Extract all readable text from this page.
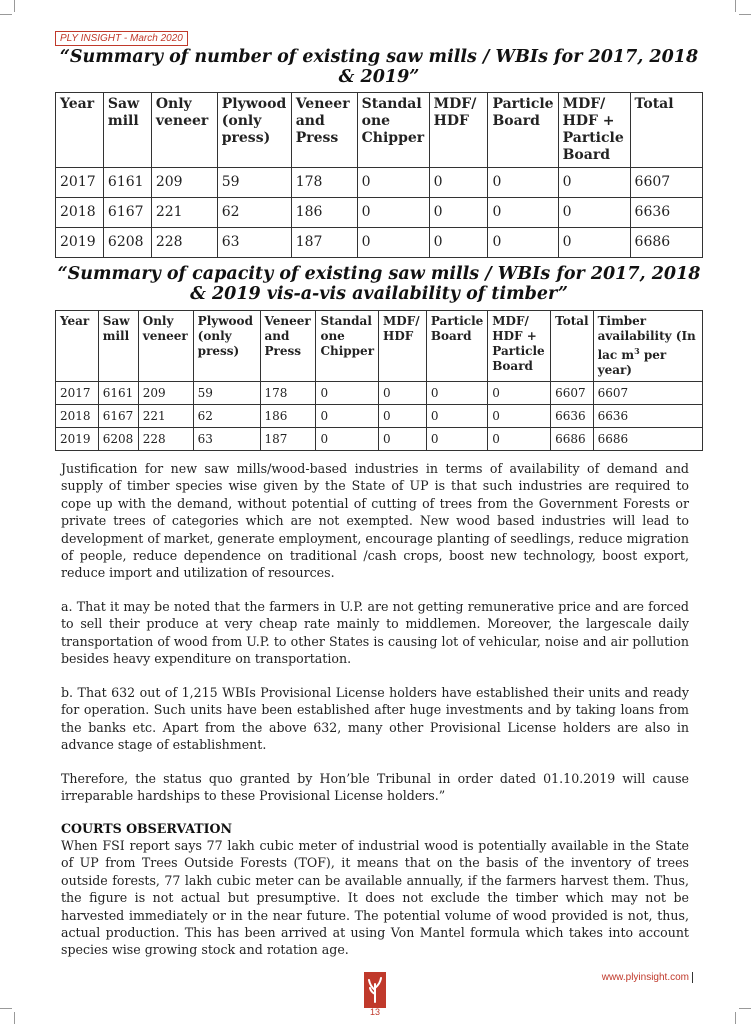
PLY INSIGHT - March 2020
“Summary of number of existing saw mills / WBIs for 2017, 2018 & 2019”
Year	Saw mill	Only veneer	Plywood (only press)	Veneer and Press	Standal one Chipper	MDF/ HDF	Particle Board	MDF/ HDF + Particle Board	Total
2017	6161	209	59	178	0	0	0	0	6607
2018	6167	221	62	186	0	0	0	0	6636
2019	6208	228	63	187	0	0	0	0	6686
“Summary of capacity of existing saw mills / WBIs for 2017, 2018 & 2019 vis-a-vis availability of timber”
Year	Saw mill	Only veneer	Plywood (only press)	Veneer and Press	Standal one Chipper	MDF/ HDF	Particle Board	MDF/ HDF + Particle Board	Total	Timber availability (In lac $m^3$ per year)
2017	6161	209	59	178	0	0	0	0	6607	6607
2018	6167	221	62	186	0	0	0	0	6636	6636
2019	6208	228	63	187	0	0	0	0	6686	6686

Justification for new saw mills/wood-based industries in terms of availability of demand and supply of timber species wise given by the State of UP is that such industries are required to cope up with the demand, without potential of cutting of trees from the Government Forests or private trees of categories which are not exempted. New wood based industries will lead to development of market, generate employment, encourage planting of seedlings, reduce migration of people, reduce dependence on traditional /cash crops, boost new technology, boost export, reduce import and utilization of resources.

a. That it may be noted that the farmers in U.P. are not getting remunerative price and are forced to sell their produce at very cheap rate mainly to middlemen. Moreover, the largescale daily transportation of wood from U.P. to other States is causing lot of vehicular, noise and air pollution besides heavy expenditure on transportation.

b. That 632 out of 1,215 WBIs Provisional License holders have established their units and ready for operation. Such units have been established after huge investments and by taking loans from the banks etc. Apart from the above 632, many other Provisional License holders are also in advance stage of establishment.

Therefore, the status quo granted by Hon’ble Tribunal in order dated 01.10.2019 will cause irreparable hardships to these Provisional License holders.”

COURTS OBSERVATION

When FSI report says 77 lakh cubic meter of industrial wood is potentially available in the State of UP from Trees Outside Forests (TOF), it means that on the basis of the inventory of trees outside forests, 77 lakh cubic meter can be available annually, if the farmers harvest them. Thus, the figure is not actual but presumptive. It does not exclude the timber which may not be harvested immediately or in the near future. The potential volume of wood provided is not, thus, actual production. This has been arrived at using Von Mantel formula which takes into account species wise growing stock and rotation age.

13
www.plyinsight.com
